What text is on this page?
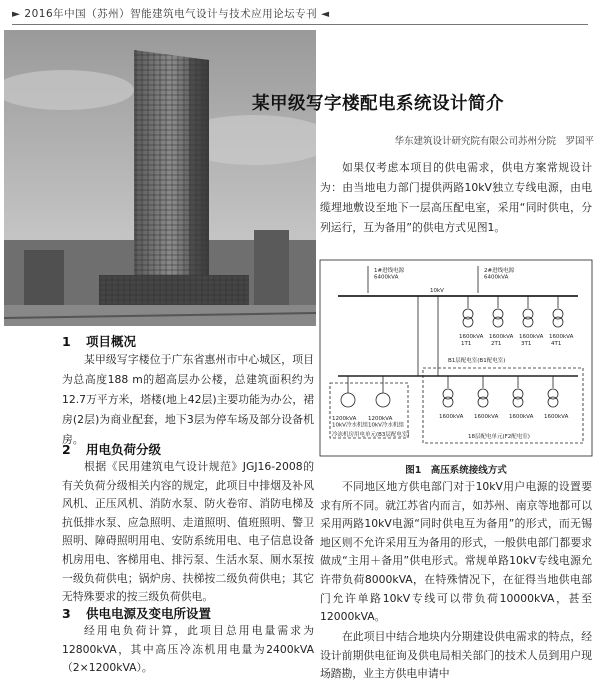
► 2016年中国（苏州）智能建筑电气设计与技术应用论坛专刊 ◄
某甲级写字楼配电系统设计简介
华东建筑设计研究院有限公司苏州分院　罗国平
如果仅考虑本项目的供电需求，供电方案常规设计为：由当地电力部门提供两路10kV独立专线电源，由电缆埋地敷设至地下一层高压配电室，采用“同时供电，分列运行，互为备用”的供电方式见图1。
1#进线电源 6400kVA
2#进线电源 6400kVA
10kV
1600kVA 1600kVA 1600kVA 1600kVA
1T1	2T1	3T1	4T1
B1层配电室(B1配电室)
1200kVA 10kV冷水机组
1200kVA 10kV冷水机组
冷冻机房用电单元(B3层配电室)
1600kVA 1600kVA 1600kVA 1600kVA
18层配电单元(F2配电室)
图1　高压系统接线方式
1 项目概况
某甲级写字楼位于广东省惠州市中心城区，项目为总高度188 m的超高层办公楼，总建筑面积约为12.7万平方米，塔楼(地上42层)主要功能为办公，裙房(2层)为商业配套，地下3层为停车场及部分设备机房。
2 用电负荷分级
根据《民用建筑电气设计规范》JGJ16-2008的有关负荷分级相关内容的规定，此项目中排烟及补风风机、正压风机、消防水泵、防火卷帘、消防电梯及抗低排水泵、应急照明、走道照明、值班照明、警卫照明、障碍照明用电、安防系统用电、电子信息设备机房用电、客梯用电、排污泵、生活水泵、厕水泵按一级负荷供电；锅炉房、扶梯按二级负荷供电；其它无特殊要求的按三级负荷供电。
3 供电电源及变电所设置
经用电负荷计算，此项目总用电量需求为12800kVA，其中高压冷冻机用电量为2400kVA（2×1200kVA）。
不同地区地方供电部门对于10kV用户电源的设置要求有所不同。就江苏省内而言，如苏州、南京等地都可以采用两路10kV电源“同时供电互为备用”的形式，而无锡地区则不允许采用互为备用的形式，一般供电部门都要求做成“主用＋备用”供电形式。常规单路10kV专线电源允许带负荷8000kVA，在特殊情况下，在征得当地供电部门允许单路10kV专线可以带负荷10000kVA，甚至12000kVA。
在此项目中结合地块内分期建设供电需求的特点，经设计前期供电征询及供电局相关部门的技术人员到用户现场踏勘，业主方供电申请中
